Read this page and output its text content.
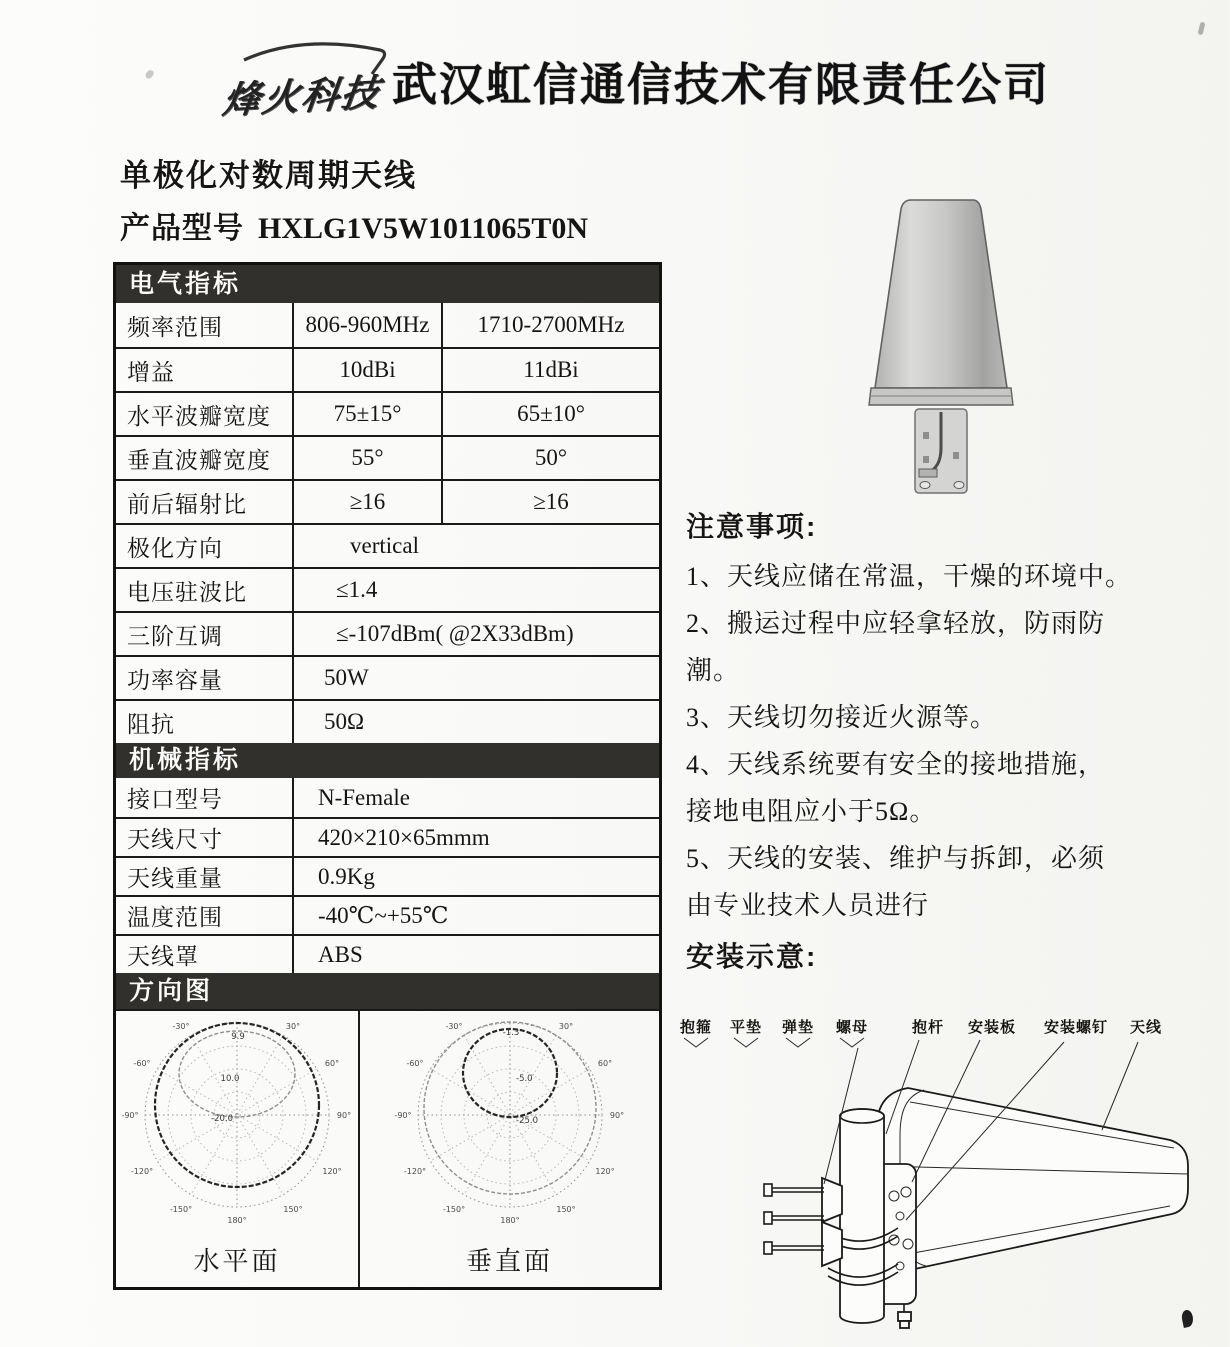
烽火科技 武汉虹信通信技术有限责任公司
单极化对数周期天线
产品型号 HXLG1V5W1011065T0N
电气指标
频率范围	806-960MHz	1710-2700MHz
增益	10dBi	11dBi
水平波瓣宽度	75±15°	65±10°
垂直波瓣宽度	55°	50°
前后辐射比	≥16	≥16
极化方向	vertical
电压驻波比	≤1.4
三阶互调	≤-107dBm( @2X33dBm)
功率容量	50W
阻抗	50Ω
机械指标
接口型号	N-Female
天线尺寸	420×210×65mmm
天线重量	0.9Kg
温度范围	-40℃~+55℃
天线罩	ABS
方向图
-30°	30°
-60°	60°
-90°	90°
-120°	120°
-150°	150°
180°
9.9
10.0
-20.0
水平面
-30°	30°
-60°	60°
-90°	90°
-120°	120°
-150°	150°
180°
-1.3
-5.0
-25.0
垂直面
注意事项:
1、天线应储在常温，干燥的环境中。
2、搬运过程中应轻拿轻放，防雨防
潮。
3、天线切勿接近火源等。
4、天线系统要有安全的接地措施，
接地电阻应小于5Ω。
5、天线的安装、维护与拆卸，必须
由专业技术人员进行
安装示意:
抱箍 平垫 弹垫 螺母	抱杆 安装板 安装螺钉 天线
